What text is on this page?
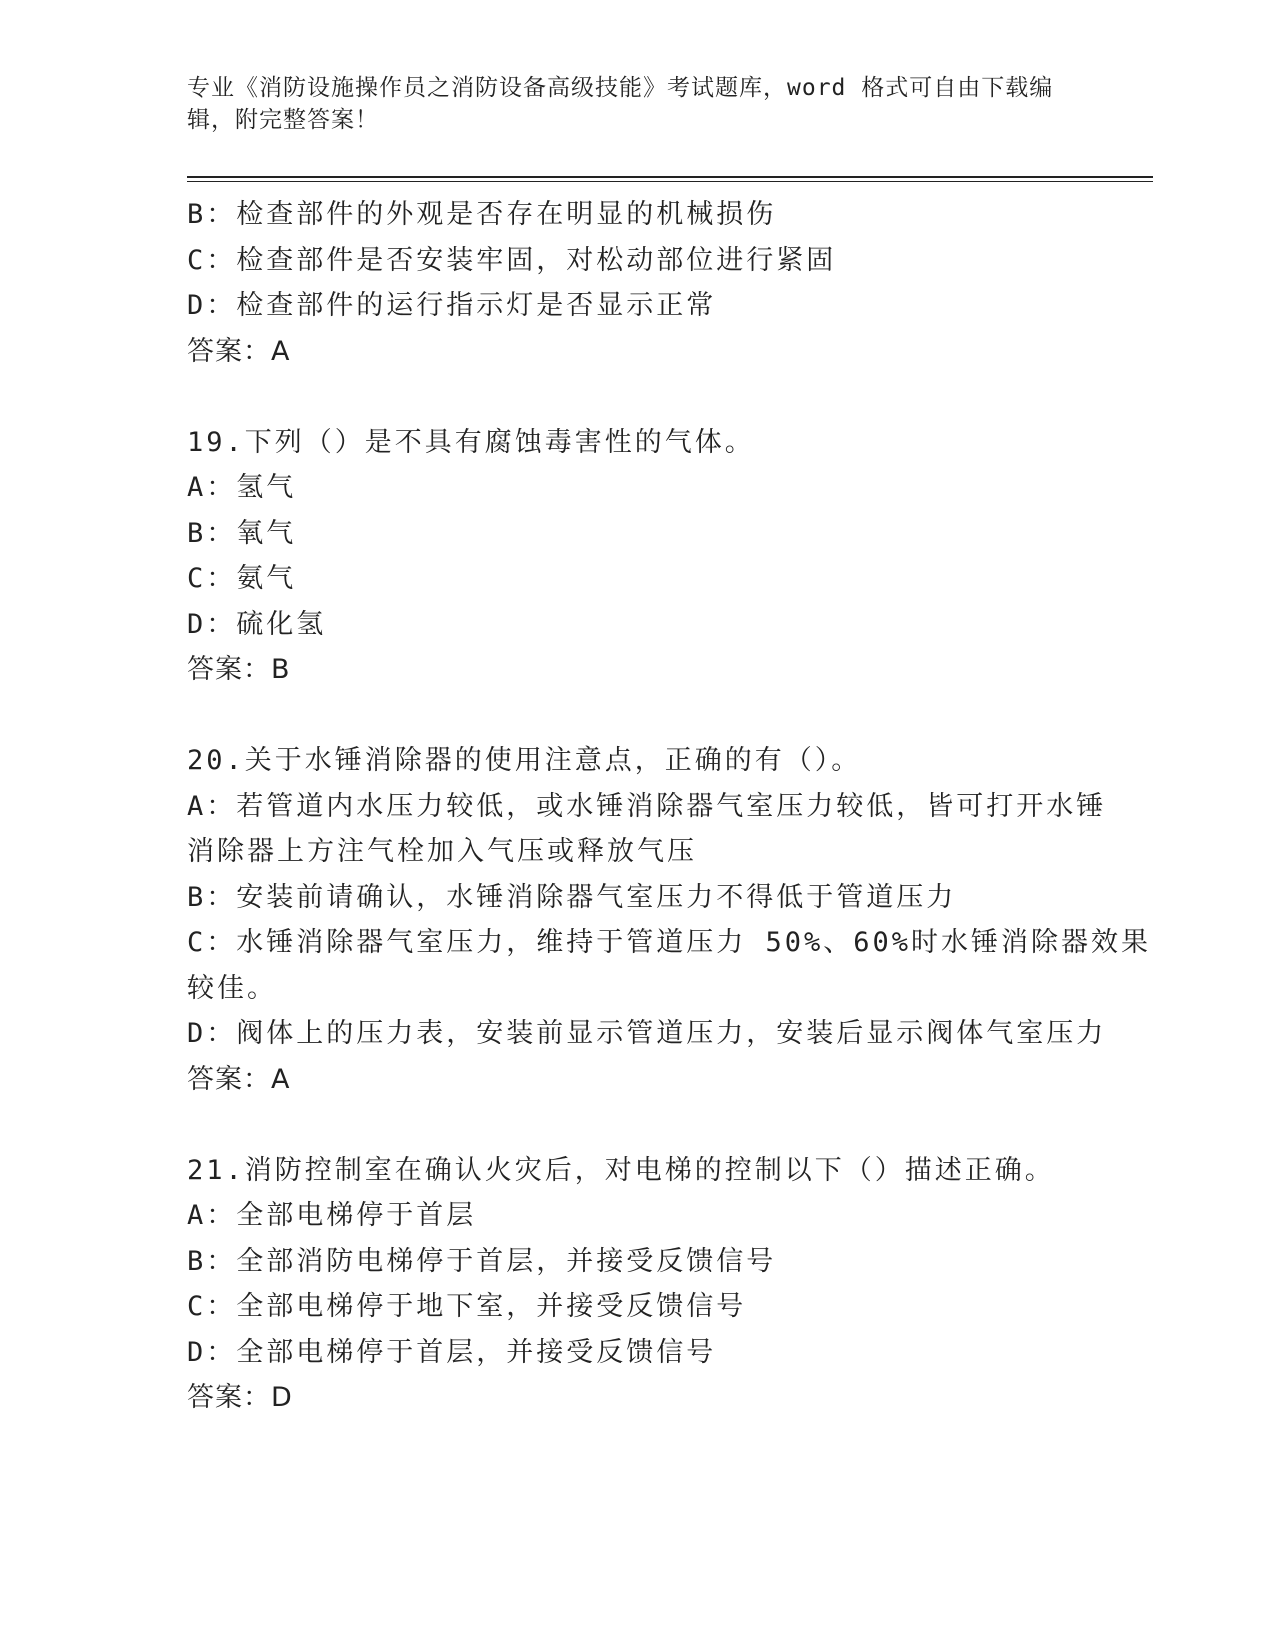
专业《消防设施操作员之消防设备高级技能》考试题库，word 格式可自由下载编
辑，附完整答案！
B：检查部件的外观是否存在明显的机械损伤
C：检查部件是否安装牢固，对松动部位进行紧固
D：检查部件的运行指示灯是否显示正常
答案：A
19.下列（）是不具有腐蚀毒害性的气体。
A：氢气
B：氧气
C：氨气
D：硫化氢
答案：B
20.关于水锤消除器的使用注意点，正确的有（）。
A：若管道内水压力较低，或水锤消除器气室压力较低，皆可打开水锤
消除器上方注气栓加入气压或释放气压
B：安装前请确认，水锤消除器气室压力不得低于管道压力
C：水锤消除器气室压力，维持于管道压力 50%、60%时水锤消除器效果
较佳。
D：阀体上的压力表，安装前显示管道压力，安装后显示阀体气室压力
答案：A
21.消防控制室在确认火灾后，对电梯的控制以下（）描述正确。
A：全部电梯停于首层
B：全部消防电梯停于首层，并接受反馈信号
C：全部电梯停于地下室，并接受反馈信号
D：全部电梯停于首层，并接受反馈信号
答案：D
